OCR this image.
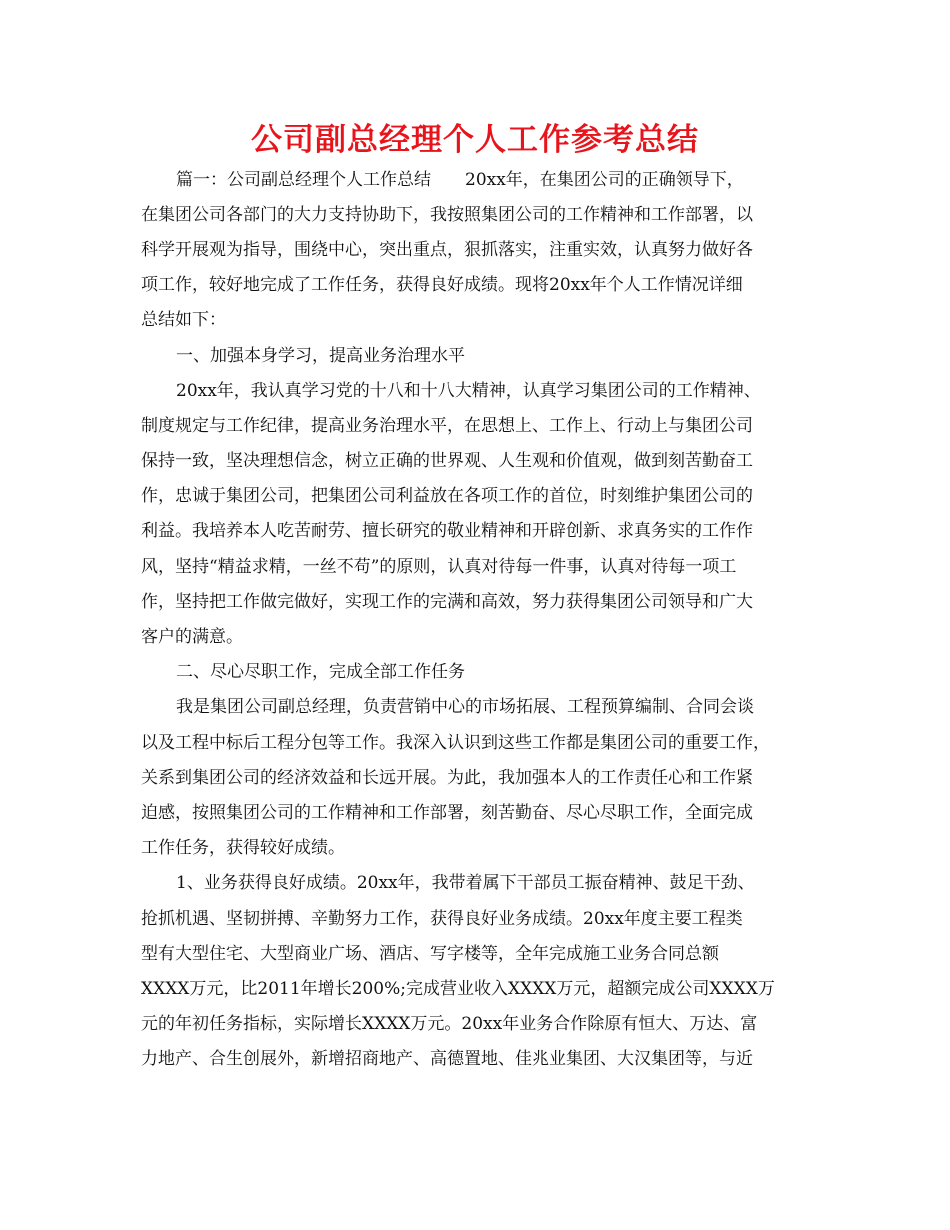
公司副总经理个人工作参考总结
篇一：公司副总经理个人工作总结　　20xx年，在集团公司的正确领导下，
在集团公司各部门的大力支持协助下，我按照集团公司的工作精神和工作部署，以
科学开展观为指导，围绕中心，突出重点，狠抓落实，注重实效，认真努力做好各
项工作，较好地完成了工作任务，获得良好成绩。现将20xx年个人工作情况详细
总结如下：
一、加强本身学习，提高业务治理水平
20xx年，我认真学习党的十八和十八大精神，认真学习集团公司的工作精神、
制度规定与工作纪律，提高业务治理水平，在思想上、工作上、行动上与集团公司
保持一致，坚决理想信念，树立正确的世界观、人生观和价值观，做到刻苦勤奋工
作，忠诚于集团公司，把集团公司利益放在各项工作的首位，时刻维护集团公司的
利益。我培养本人吃苦耐劳、擅长研究的敬业精神和开辟创新、求真务实的工作作
风，坚持“精益求精，一丝不苟”的原则，认真对待每一件事，认真对待每一项工
作，坚持把工作做完做好，实现工作的完满和高效，努力获得集团公司领导和广大
客户的满意。
二、尽心尽职工作，完成全部工作任务
我是集团公司副总经理，负责营销中心的市场拓展、工程预算编制、合同会谈
以及工程中标后工程分包等工作。我深入认识到这些工作都是集团公司的重要工作，
关系到集团公司的经济效益和长远开展。为此，我加强本人的工作责任心和工作紧
迫感，按照集团公司的工作精神和工作部署，刻苦勤奋、尽心尽职工作，全面完成
工作任务，获得较好成绩。
1、业务获得良好成绩。20xx年，我带着属下干部员工振奋精神、鼓足干劲、
抢抓机遇、坚韧拼搏、辛勤努力工作，获得良好业务成绩。20xx年度主要工程类
型有大型住宅、大型商业广场、酒店、写字楼等，全年完成施工业务合同总额
XXXX万元，比2011年增长200%;完成营业收入XXXX万元，超额完成公司XXXX万
元的年初任务指标，实际增长XXXX万元。20xx年业务合作除原有恒大、万达、富
力地产、合生创展外，新增招商地产、高德置地、佳兆业集团、大汉集团等，与近
